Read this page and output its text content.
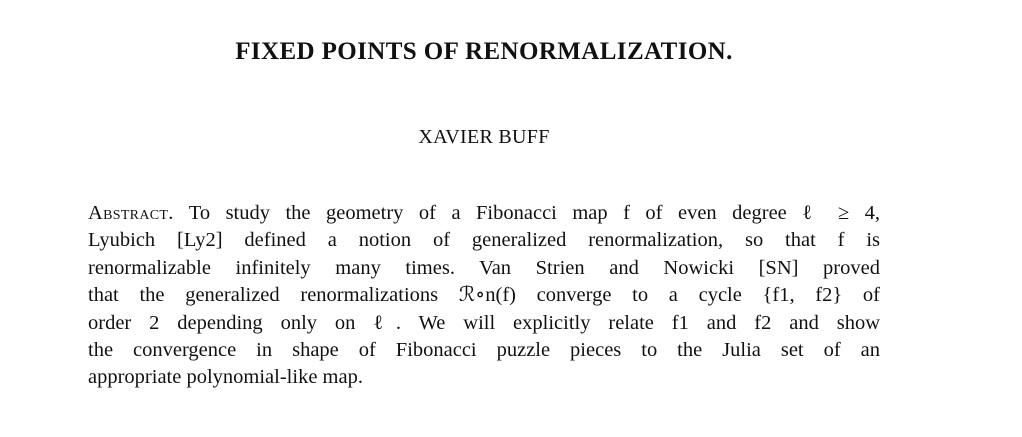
FIXED POINTS OF RENORMALIZATION.
XAVIER BUFF
Abstract. To study the geometry of a Fibonacci map f of even degree ℓ ≥ 4,
Lyubich [Ly2] defined a notion of generalized renormalization, so that f is
renormalizable infinitely many times. Van Strien and Nowicki [SN] proved
that the generalized renormalizations ℛ∘n(f) converge to a cycle {f1, f2} of
order 2 depending only on ℓ. We will explicitly relate f1 and f2 and show
the convergence in shape of Fibonacci puzzle pieces to the Julia set of an
appropriate polynomial-like map.
